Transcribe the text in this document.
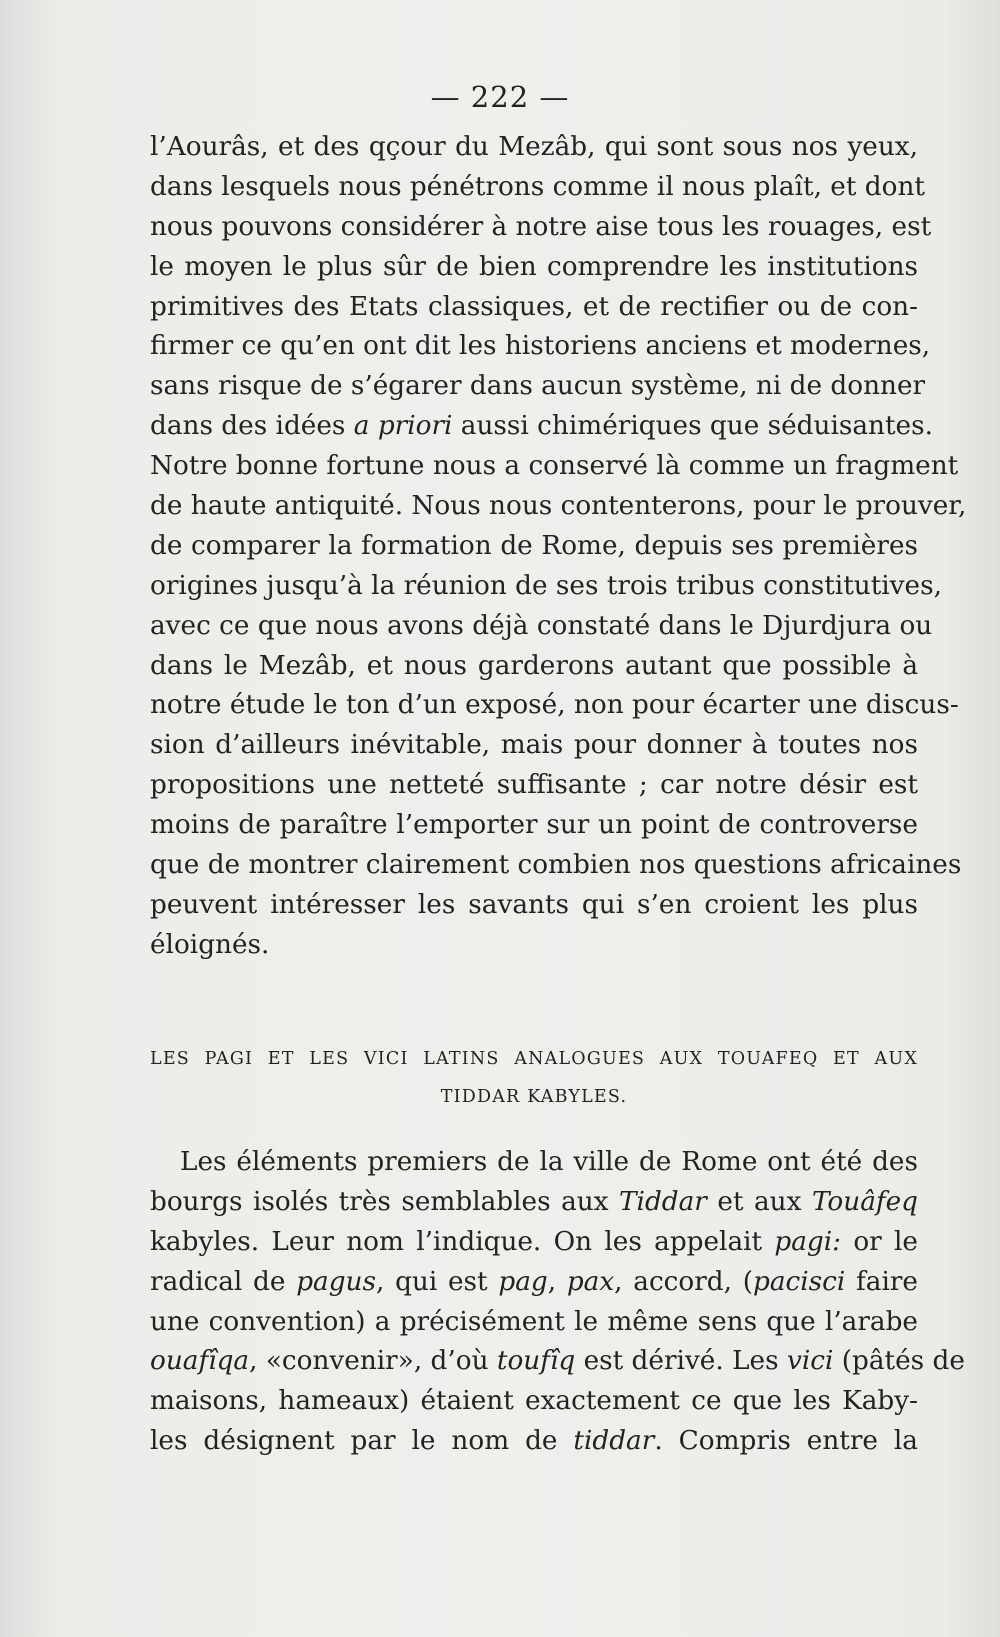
— 222 —
l’Aourâs, et des qçour du Mezâb, qui sont sous nos yeux,
dans lesquels nous pénétrons comme il nous plaît, et dont
nous pouvons considérer à notre aise tous les rouages, est
le moyen le plus sûr de bien comprendre les institutions
primitives des Etats classiques, et de rectifier ou de con-
firmer ce qu’en ont dit les historiens anciens et modernes,
sans risque de s’égarer dans aucun système, ni de donner
dans des idées a priori aussi chimériques que séduisantes.
Notre bonne fortune nous a conservé là comme un fragment
de haute antiquité. Nous nous contenterons, pour le prouver,
de comparer la formation de Rome, depuis ses premières
origines jusqu’à la réunion de ses trois tribus constitutives,
avec ce que nous avons déjà constaté dans le Djurdjura ou
dans le Mezâb, et nous garderons autant que possible à
notre étude le ton d’un exposé, non pour écarter une discus-
sion d’ailleurs inévitable, mais pour donner à toutes nos
propositions une netteté suffisante ; car notre désir est
moins de paraître l’emporter sur un point de controverse
que de montrer clairement combien nos questions africaines
peuvent intéresser les savants qui s’en croient les plus
éloignés.
LES PAGI ET LES VICI LATINS ANALOGUES AUX TOUAFEQ ET AUX
TIDDAR KABYLES.
Les éléments premiers de la ville de Rome ont été des
bourgs isolés très semblables aux Tiddar et aux Touâfeq
kabyles. Leur nom l’indique. On les appelait pagi: or le
radical de pagus, qui est pag, pax, accord, (pacisci faire
une convention) a précisément le même sens que l’arabe
ouafîqa, «convenir», d’où toufîq est dérivé. Les vici (pâtés de
maisons, hameaux) étaient exactement ce que les Kaby-
les désignent par le nom de tiddar. Compris entre la
